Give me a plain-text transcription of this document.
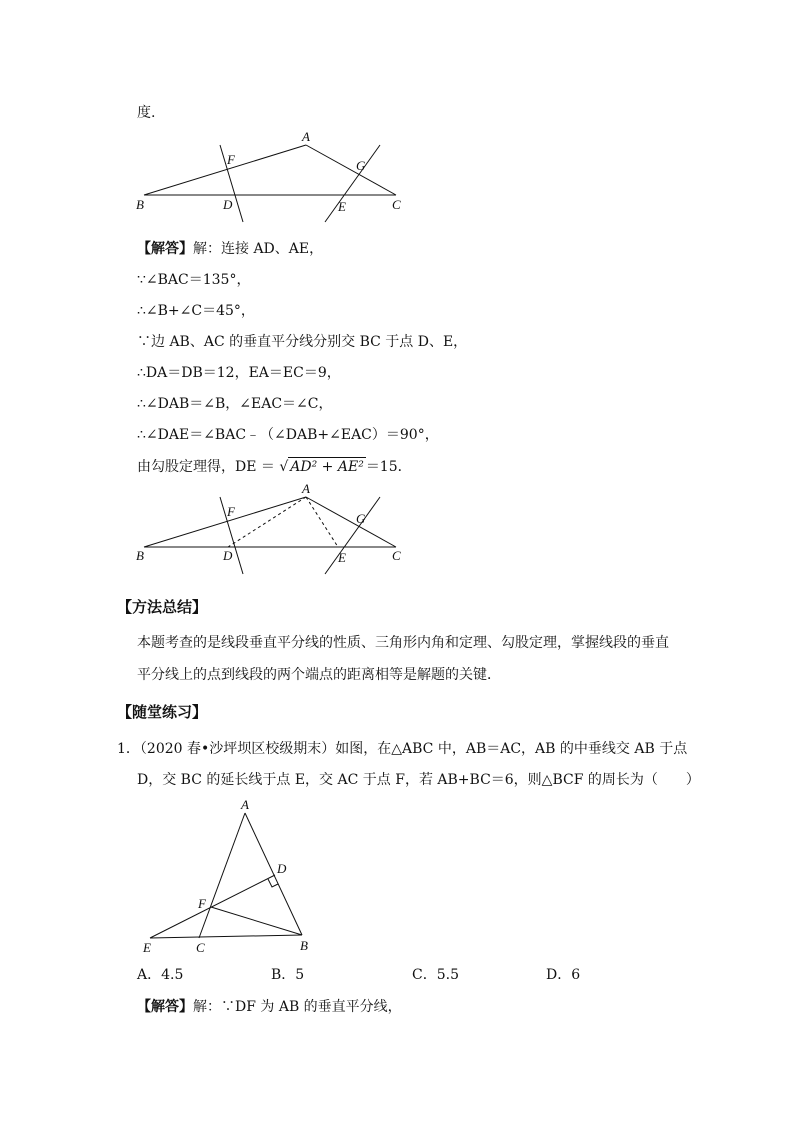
度.
A
B	C
D	E
F	G
【解答】解：连接 AD、AE，
∵∠BAC＝135°，
∴∠B+∠C＝45°，
∵边 AB、AC 的垂直平分线分别交 BC 于点 D、E，
∴DA＝DB＝12，EA＝EC＝9，
∴∠DAB＝∠B，∠EAC＝∠C，
∴∠DAE＝∠BAC﹣（∠DAB+∠EAC）＝90°，
由勾股定理得，DE ＝ √ AD² + AE² ＝15．
A
B	C
D	E
F	G
【方法总结】
本题考查的是线段垂直平分线的性质、三角形内角和定理、勾股定理，掌握线段的垂直
平分线上的点到线段的两个端点的距离相等是解题的关键．
【随堂练习】
1．（2020 春•沙坪坝区校级期末）如图，在△ABC 中，AB＝AC，AB 的中垂线交 AB 于点
D，交 BC 的延长线于点 E，交 AC 于点 F，若 AB+BC＝6，则△BCF 的周长为（　　）
A
B
C
D
E
F
A．4.5	B．5	C．5.5	D．6
【解答】解：∵DF 为 AB 的垂直平分线，
